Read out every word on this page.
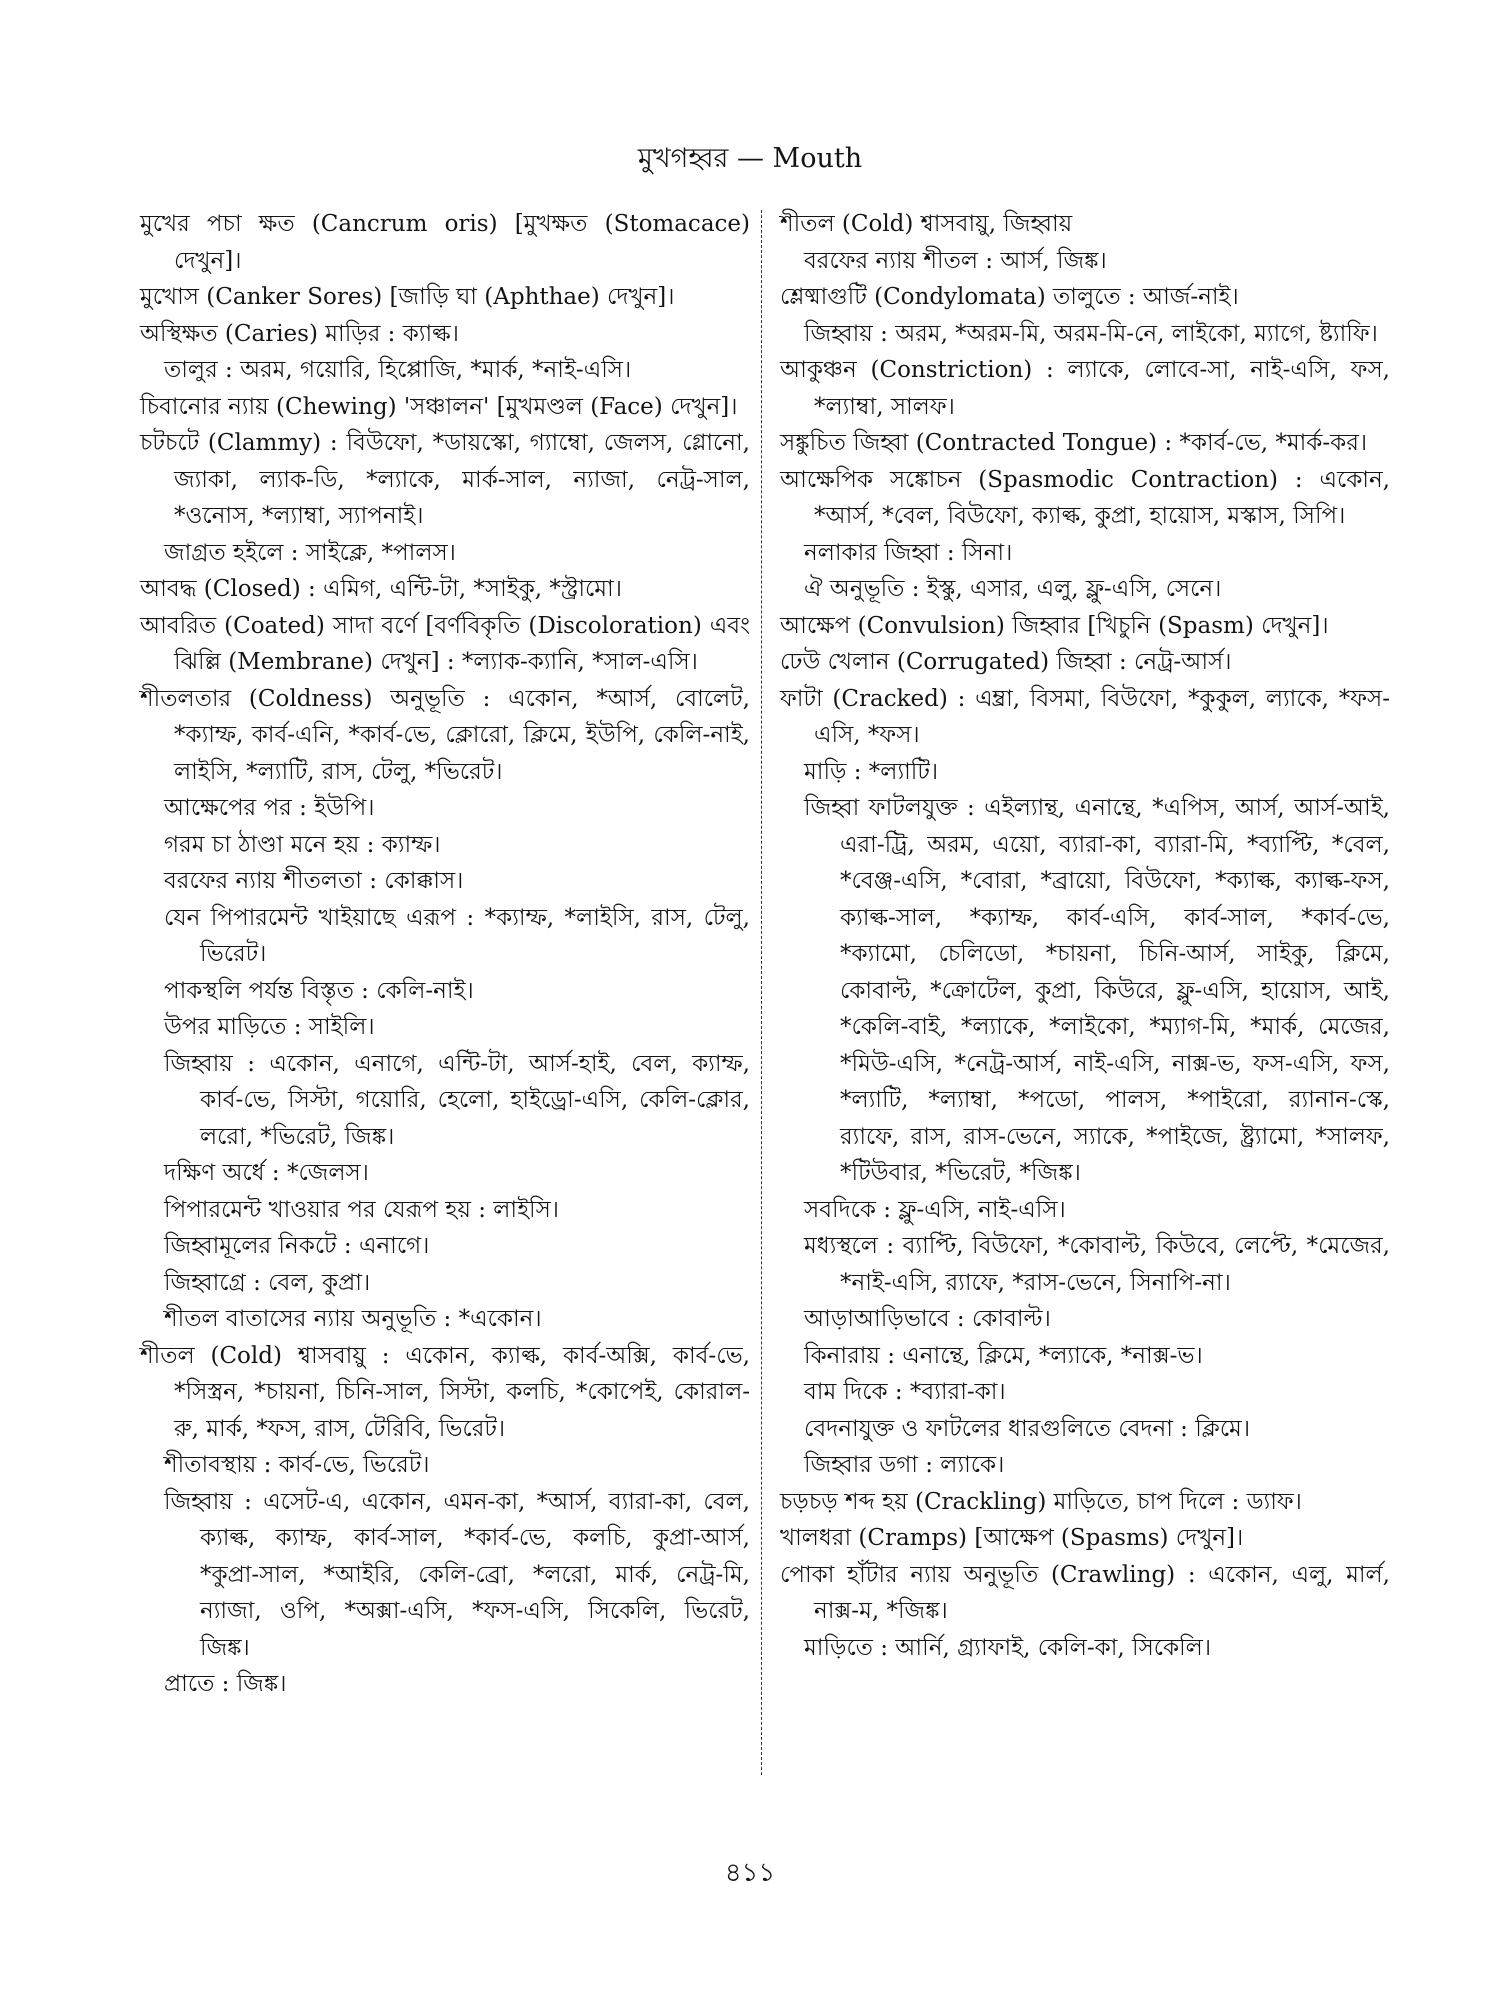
মুখগহ্বর — Mouth
মুখের পচা ক্ষত (Cancrum oris) [মুখক্ষত (Stomacace) দেখুন]।
মুখোস (Canker Sores) [জাড়ি ঘা (Aphthae) দেখুন]।
অস্থিক্ষত (Caries) মাড়ির : ক্যাল্ক।
তালুর : অরম, গয়োরি, হিপ্পোজি, *মার্ক, *নাই-এসি।
চিবানোর ন্যায় (Chewing) 'সঞ্চালন' [মুখমণ্ডল (Face) দেখুন]।
চটচটে (Clammy) : বিউফো, *ডায়স্কো, গ্যাম্বো, জেলস, গ্লোনো, জ্যাকা, ল্যাক-ডি, *ল্যাকে, মার্ক-সাল, ন্যাজা, নেট্র-সাল, *ওনোস, *ল্যাম্বা, স্যাপনাই।
জাগ্রত হইলে : সাইক্লে, *পালস।
আবদ্ধ (Closed) : এমিগ, এন্টি-টা, *সাইকু, *স্ট্রামো।
আবরিত (Coated) সাদা বর্ণে [বর্ণবিকৃতি (Discoloration) এবং ঝিল্লি (Membrane) দেখুন] : *ল্যাক-ক্যানি, *সাল-এসি।
শীতলতার (Coldness) অনুভূতি : একোন, *আর্স, বোলেট, *ক্যাম্ফ, কার্ব-এনি, *কার্ব-ভে, ক্লোরো, ক্লিমে, ইউপি, কেলি-নাই, লাইসি, *ল্যাটি, রাস, টেলু, *ভিরেট।
আক্ষেপের পর : ইউপি।
গরম চা ঠাণ্ডা মনে হয় : ক্যাম্ফ।
বরফের ন্যায় শীতলতা : কোক্কাস।
যেন পিপারমেন্ট খাইয়াছে এরূপ : *ক্যাম্ফ, *লাইসি, রাস, টেলু, ভিরেট।
পাকস্থলি পর্যন্ত বিস্তৃত : কেলি-নাই।
উপর মাড়িতে : সাইলি।
জিহ্বায় : একোন, এনাগে, এন্টি-টা, আর্স-হাই, বেল, ক্যাম্ফ, কার্ব-ভে, সিস্টা, গয়োরি, হেলো, হাইড্রো-এসি, কেলি-ক্লোর, লরো, *ভিরেট, জিঙ্ক।
দক্ষিণ অর্ধে : *জেলস।
পিপারমেন্ট খাওয়ার পর যেরূপ হয় : লাইসি।
জিহ্বামূলের নিকটে : এনাগে।
জিহ্বাগ্রে : বেল, কুপ্রা।
শীতল বাতাসের ন্যায় অনুভূতি : *একোন।
শীতল (Cold) শ্বাসবায়ু : একোন, ক্যাল্ক, কার্ব-অক্সি, কার্ব-ভে, *সিস্ত্রন, *চায়না, চিনি-সাল, সিস্টা, কলচি, *কোপেই, কোরাল-রু, মার্ক, *ফস, রাস, টেরিবি, ভিরেট।
শীতাবস্থায় : কার্ব-ভে, ভিরেট।
জিহ্বায় : এসেট-এ, একোন, এমন-কা, *আর্স, ব্যারা-কা, বেল, ক্যাল্ক, ক্যাম্ফ, কার্ব-সাল, *কার্ব-ভে, কলচি, কুপ্রা-আর্স, *কুপ্রা-সাল, *আইরি, কেলি-ব্রো, *লরো, মার্ক, নেট্র-মি, ন্যাজা, ওপি, *অক্সা-এসি, *ফস-এসি, সিকেলি, ভিরেট, জিঙ্ক।
প্রাতে : জিঙ্ক।
শীতল (Cold) শ্বাসবায়ু, জিহ্বায়
বরফের ন্যায় শীতল : আর্স, জিঙ্ক।
শ্লেষ্মাগুটি (Condylomata) তালুতে : আর্জ-নাই।
জিহ্বায় : অরম, *অরম-মি, অরম-মি-নে, লাইকো, ম্যাগে, ষ্ট্যাফি।
আকুঞ্চন (Constriction) : ল্যাকে, লোবে-সা, নাই-এসি, ফস, *ল্যাম্বা, সালফ।
সঙ্কুচিত জিহ্বা (Contracted Tongue) : *কার্ব-ভে, *মার্ক-কর।
আক্ষেপিক সঙ্কোচন (Spasmodic Contraction) : একোন, *আর্স, *বেল, বিউফো, ক্যাল্ক, কুপ্রা, হায়োস, মস্কাস, সিপি।
নলাকার জিহ্বা : সিনা।
ঐ অনুভূতি : ইস্কু, এসার, এলু, ফ্লু-এসি, সেনে।
আক্ষেপ (Convulsion) জিহ্বার [খিচুনি (Spasm) দেখুন]।
ঢেউ খেলান (Corrugated) জিহ্বা : নেট্র-আর্স।
ফাটা (Cracked) : এম্ব্রা, বিসমা, বিউফো, *কুকুল, ল্যাকে, *ফস-এসি, *ফস।
মাড়ি : *ল্যাটি।
জিহ্বা ফাটলযুক্ত : এইল্যান্থ, এনান্থে, *এপিস, আর্স, আর্স-আই, এরা-ট্রি, অরম, এয়ো, ব্যারা-কা, ব্যারা-মি, *ব্যাপ্টি, *বেল, *বেঞ্জ-এসি, *বোরা, *ব্রায়ো, বিউফো, *ক্যাল্ক, ক্যাল্ক-ফস, ক্যাল্ক-সাল, *ক্যাম্ফ, কার্ব-এসি, কার্ব-সাল, *কার্ব-ভে, *ক্যামো, চেলিডো, *চায়না, চিনি-আর্স, সাইকু, ক্লিমে, কোবাল্ট, *ক্রোটেল, কুপ্রা, কিউরে, ফ্লু-এসি, হায়োস, আই, *কেলি-বাই, *ল্যাকে, *লাইকো, *ম্যাগ-মি, *মার্ক, মেজের, *মিউ-এসি, *নেট্র-আর্স, নাই-এসি, নাক্স-ভ, ফস-এসি, ফস, *ল্যাটি, *ল্যাম্বা, *পডো, পালস, *পাইরো, র‍্যানান-স্কে, র‍্যাফে, রাস, রাস-ভেনে, স্যাকে, *পাইজে, ষ্ট্র্যামো, *সালফ, *টিউবার, *ভিরেট, *জিঙ্ক।
সবদিকে : ফ্লু-এসি, নাই-এসি।
মধ্যস্থলে : ব্যাপ্টি, বিউফো, *কোবাল্ট, কিউবে, লেপ্টে, *মেজের, *নাই-এসি, র‍্যাফে, *রাস-ভেনে, সিনাপি-না।
আড়াআড়িভাবে : কোবাল্ট।
কিনারায় : এনান্থে, ক্লিমে, *ল্যাকে, *নাক্স-ভ।
বাম দিকে : *ব্যারা-কা।
বেদনাযুক্ত ও ফাটলের ধারগুলিতে বেদনা : ক্লিমে।
জিহ্বার ডগা : ল্যাকে।
চড়চড় শব্দ হয় (Crackling) মাড়িতে, চাপ দিলে : ড্যাফ।
খালধরা (Cramps) [আক্ষেপ (Spasms) দেখুন]।
পোকা হাঁটার ন্যায় অনুভূতি (Crawling) : একোন, এলু, মার্ল, নাক্স-ম, *জিঙ্ক।
মাড়িতে : আর্নি, গ্র্যাফাই, কেলি-কা, সিকেলি।
৪১১
